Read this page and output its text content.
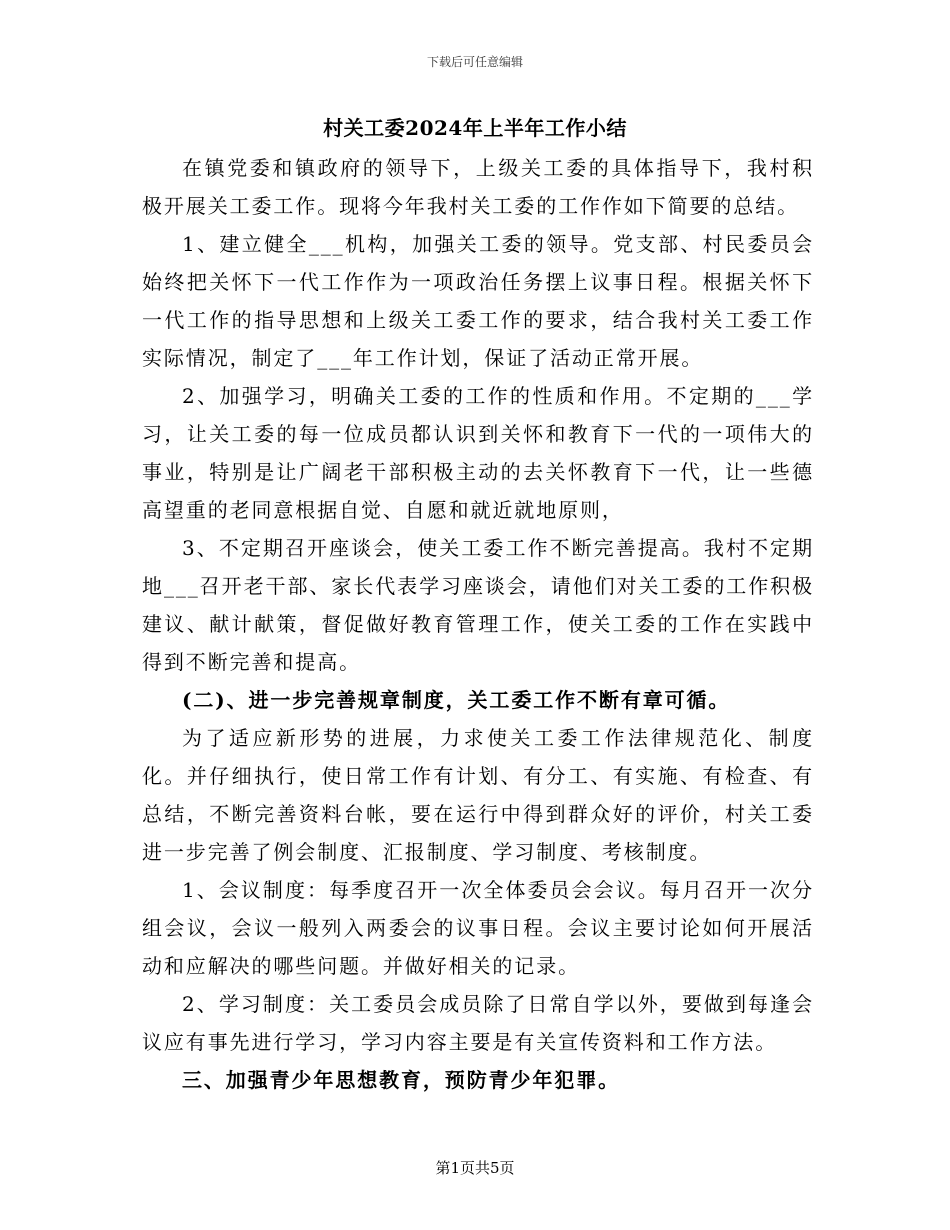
下载后可任意编辑
村关工委2024年上半年工作小结

在镇党委和镇政府的领导下，上级关工委的具体指导下，我村积极开展关工委工作。现将今年我村关工委的工作作如下简要的总结。

1、建立健全___机构，加强关工委的领导。党支部、村民委员会始终把关怀下一代工作作为一项政治任务摆上议事日程。根据关怀下一代工作的指导思想和上级关工委工作的要求，结合我村关工委工作实际情况，制定了___年工作计划，保证了活动正常开展。

2、加强学习，明确关工委的工作的性质和作用。不定期的___学习，让关工委的每一位成员都认识到关怀和教育下一代的一项伟大的事业，特别是让广阔老干部积极主动的去关怀教育下一代，让一些德高望重的老同意根据自觉、自愿和就近就地原则，

3、不定期召开座谈会，使关工委工作不断完善提高。我村不定期地___召开老干部、家长代表学习座谈会，请他们对关工委的工作积极建议、献计献策，督促做好教育管理工作，使关工委的工作在实践中得到不断完善和提高。

(二)、进一步完善规章制度，关工委工作不断有章可循。

为了适应新形势的进展，力求使关工委工作法律规范化、制度化。并仔细执行，使日常工作有计划、有分工、有实施、有检查、有总结，不断完善资料台帐，要在运行中得到群众好的评价，村关工委进一步完善了例会制度、汇报制度、学习制度、考核制度。

1、会议制度：每季度召开一次全体委员会会议。每月召开一次分组会议，会议一般列入两委会的议事日程。会议主要讨论如何开展活动和应解决的哪些问题。并做好相关的记录。

2、学习制度：关工委员会成员除了日常自学以外，要做到每逢会议应有事先进行学习，学习内容主要是有关宣传资料和工作方法。

三、加强青少年思想教育，预防青少年犯罪。

第1页共5页
